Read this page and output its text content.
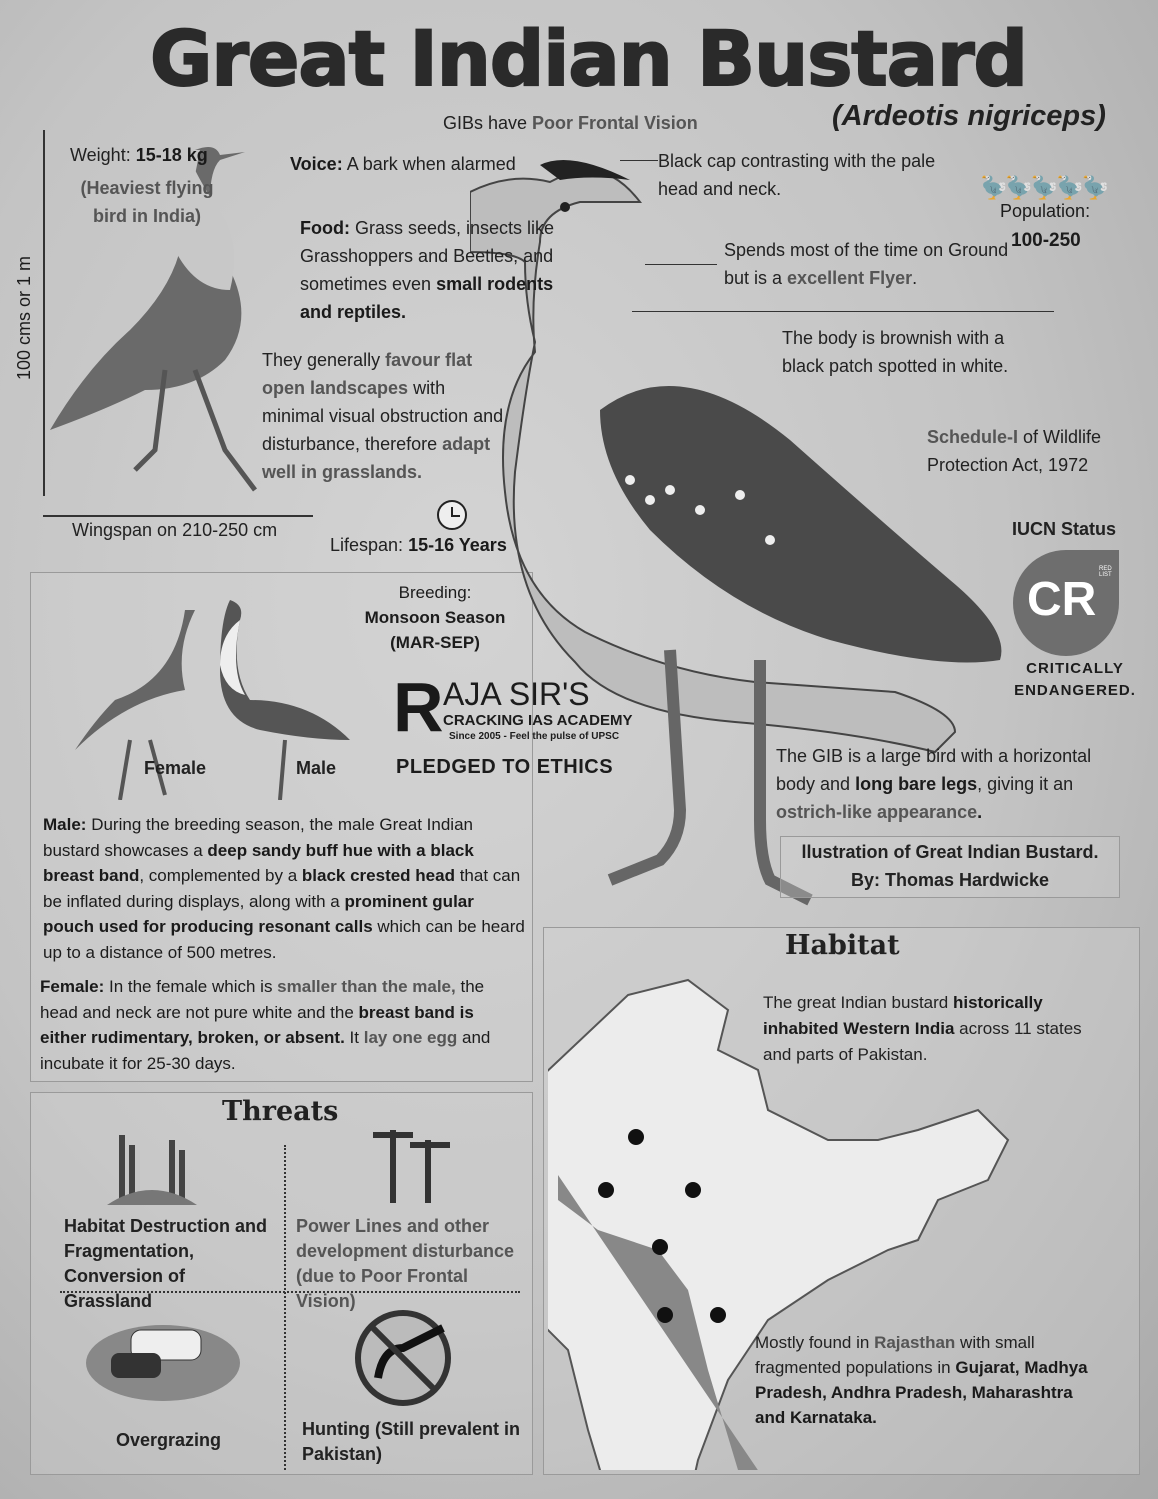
Great Indian Bustard
(Ardeotis nigriceps)
100 cms or 1 m
Wingspan on 210-250 cm
Weight: 15-18 kg
(Heaviest flying bird in India)
Voice: A bark when alarmed
GIBs have Poor Frontal Vision
Food: Grass seeds, insects like Grasshoppers and Beetles, and sometimes even small rodents and reptiles.
They generally favour flat open landscapes with minimal visual obstruction and disturbance, therefore adapt well in grasslands.
Lifespan: 15-16 Years
Black cap contrasting with the pale head and neck.
Spends most of the time on Ground but is a excellent Flyer.
The body is brownish with a black patch spotted in white.
🦤🦤🦤🦤🦤
Population:
100-250
Schedule-I of Wildlife Protection Act, 1972
IUCN Status
CR
RED LIST
CRITICALLY ENDANGERED.
The GIB is a large bird with a horizontal body and long bare legs, giving it an ostrich-like appearance.
llustration of Great Indian Bustard.
By: Thomas Hardwicke
Breeding:
Monsoon Season
(MAR-SEP)
Female	Male
R AJA SIR'S
CRACKING IAS ACADEMY
Since 2005 - Feel the pulse of UPSC
PLEDGED TO ETHICS
Male: During the breeding season, the male Great Indian bustard showcases a deep sandy buff hue with a black breast band, complemented by a black crested head that can be inflated during displays, along with a prominent gular pouch used for producing resonant calls which can be heard up to a distance of 500 metres.
Female: In the female which is smaller than the male, the head and neck are not pure white and the breast band is either rudimentary, broken, or absent. It lay one egg and incubate it for 25-30 days.
Threats
Habitat Destruction and Fragmentation, Conversion of Grassland
Power Lines and other development disturbance (due to Poor Frontal Vision)
Overgrazing
Hunting (Still prevalent in Pakistan)
Habitat
The great Indian bustard historically inhabited Western India across 11 states and parts of Pakistan.
Mostly found in Rajasthan with small fragmented populations in Gujarat, Madhya Pradesh, Andhra Pradesh, Maharashtra and Karnataka.
